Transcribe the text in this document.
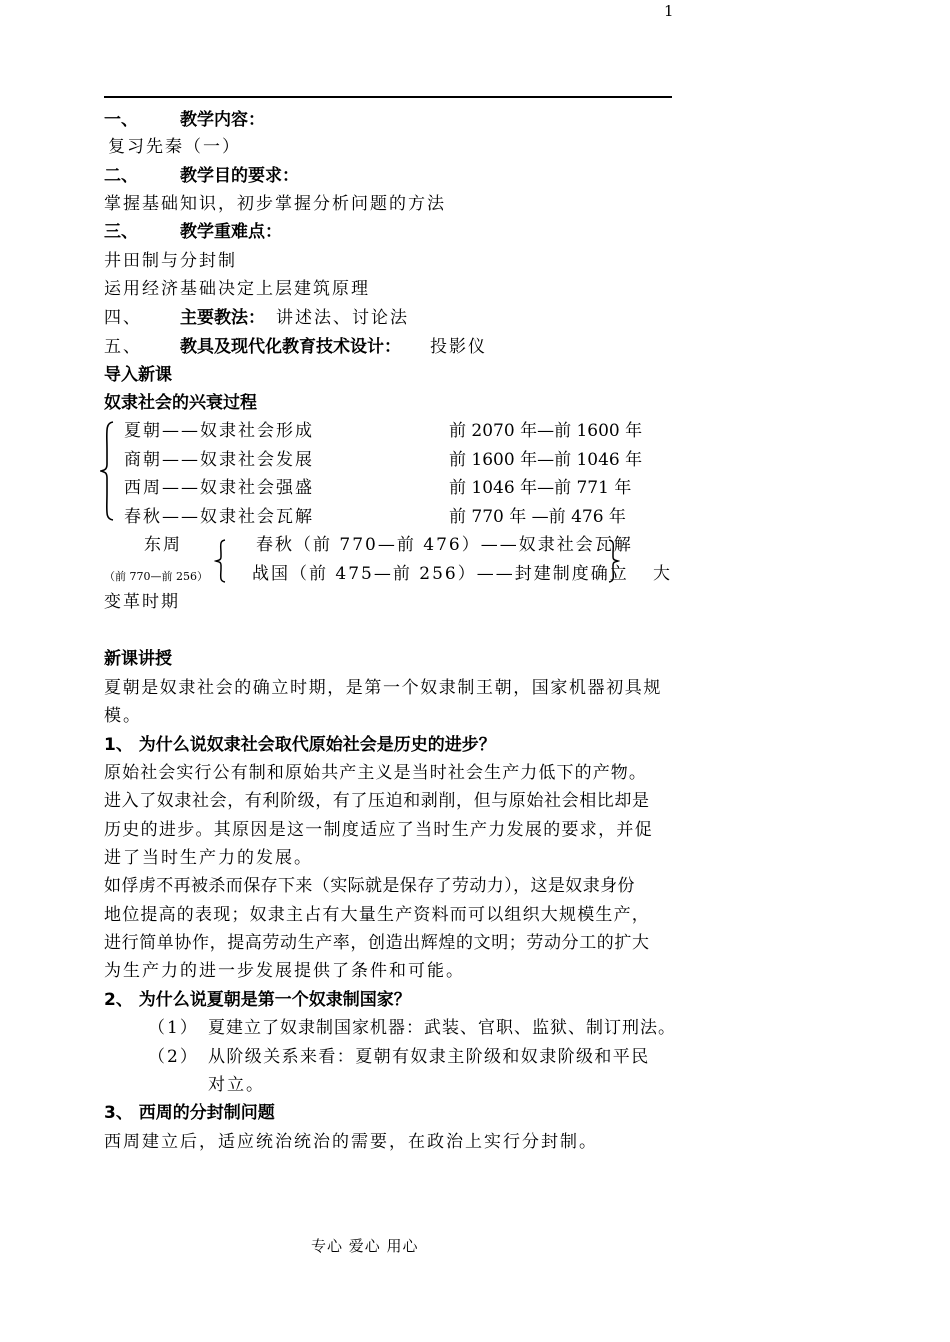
1
一、 教学内容：
复习先秦（一）
二、 教学目的要求：
掌握基础知识，初步掌握分析问题的方法
三、 教学重难点：
井田制与分封制
运用经济基础决定上层建筑原理
四、 主要教法： 讲述法、讨论法
五、 教具及现代化教育技术设计： 投影仪
导入新课
奴隶社会的兴衰过程
夏朝——奴隶社会形成	前 2070 年—前 1600 年
商朝——奴隶社会发展	前 1600 年—前 1046 年
西周——奴隶社会强盛	前 1046 年—前 771 年
春秋——奴隶社会瓦解	前 770 年 —前 476 年
东周
（前 770—前 256）
春秋（前 770—前 476）——奴隶社会瓦解
战国（前 475—前 256）——封建制度确立 大
变革时期
新课讲授
夏朝是奴隶社会的确立时期，是第一个奴隶制王朝，国家机器初具规
模。
1、 为什么说奴隶社会取代原始社会是历史的进步？
原始社会实行公有制和原始共产主义是当时社会生产力低下的产物。
进入了奴隶社会，有利阶级，有了压迫和剥削，但与原始社会相比却是
历史的进步。其原因是这一制度适应了当时生产力发展的要求，并促
进了当时生产力的发展。
如俘虏不再被杀而保存下来（实际就是保存了劳动力），这是奴隶身份
地位提高的表现；奴隶主占有大量生产资料而可以组织大规模生产，
进行简单协作，提高劳动生产率，创造出辉煌的文明；劳动分工的扩大
为生产力的进一步发展提供了条件和可能。
2、 为什么说夏朝是第一个奴隶制国家？
（1） 夏建立了奴隶制国家机器：武装、官职、监狱、制订刑法。
（2） 从阶级关系来看：夏朝有奴隶主阶级和奴隶阶级和平民
对立。
3、 西周的分封制问题
西周建立后，适应统治统治的需要，在政治上实行分封制。
专心 爱心 用心
